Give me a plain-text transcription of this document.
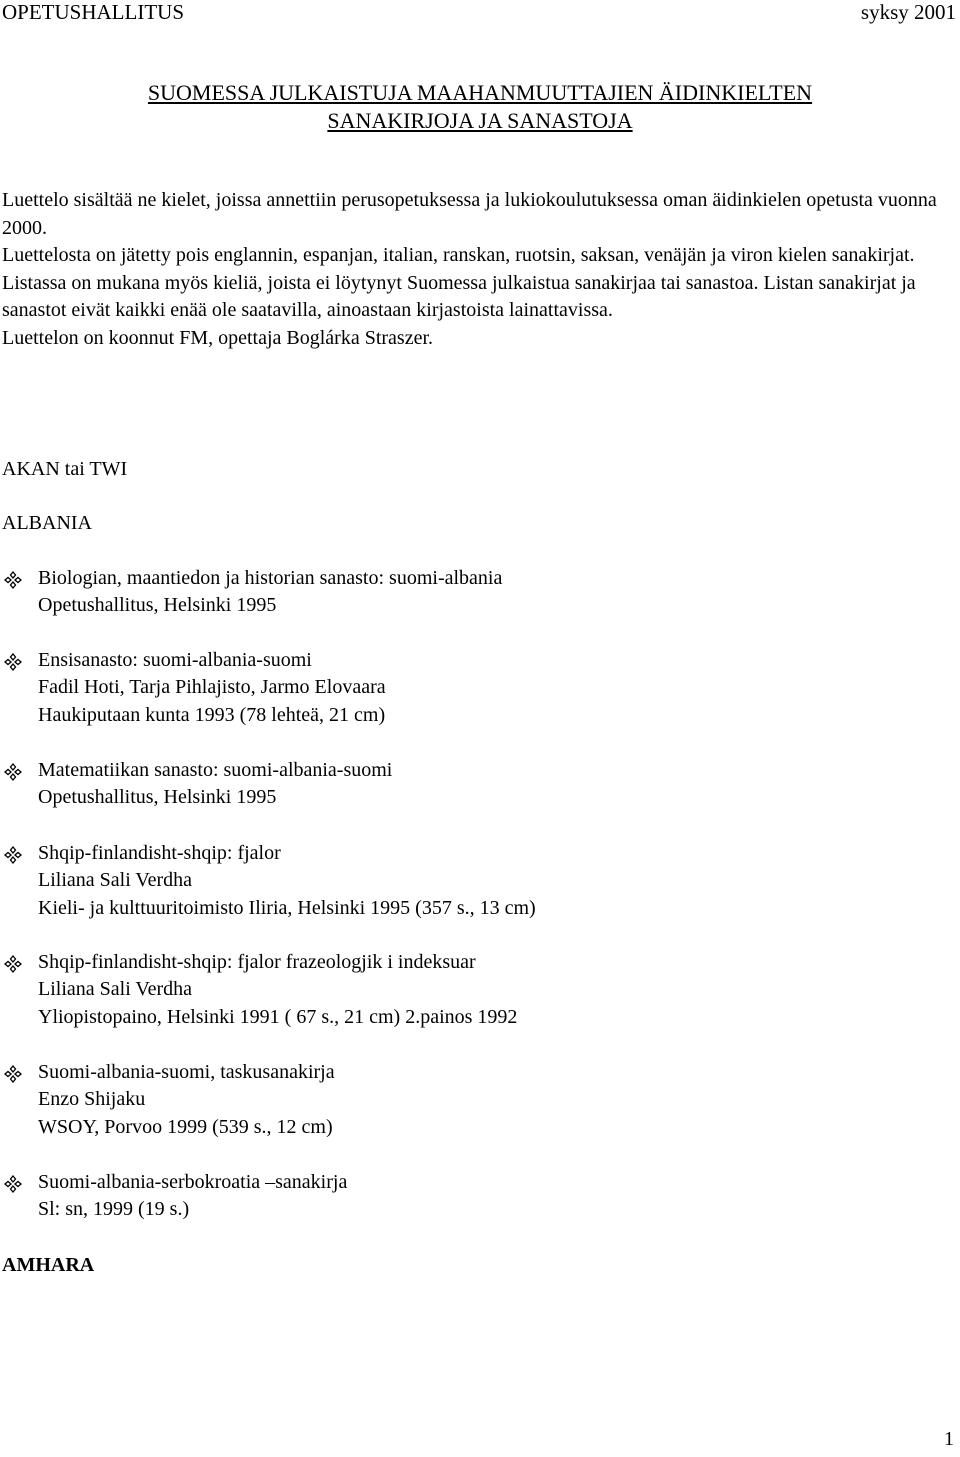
OPETUSHALLITUS	syksy 2001
SUOMESSA JULKAISTUJA MAAHANMUUTTAJIEN ÄIDINKIELTEN
SANAKIRJOJA JA SANASTOJA

Luettelo sisältää ne kielet, joissa annettiin perusopetuksessa ja lukiokoulutuksessa oman äidinkielen opetusta vuonna 2000.

Luettelosta on jätetty pois englannin, espanjan, italian, ranskan, ruotsin, saksan, venäjän ja viron kielen sanakirjat. Listassa on mukana myös kieliä, joista ei löytynyt Suomessa julkaistua sanakirjaa tai sanastoa. Listan sanakirjat ja sanastot eivät kaikki enää ole saatavilla, ainoastaan kirjastoista lainattavissa.

Luettelon on koonnut FM, opettaja Boglárka Straszer.

AKAN tai TWI
ALBANIA
Biologian, maantiedon ja historian sanasto: suomi-albania
Opetushallitus, Helsinki 1995
Ensisanasto: suomi-albania-suomi
Fadil Hoti, Tarja Pihlajisto, Jarmo Elovaara
Haukiputaan kunta 1993 (78 lehteä, 21 cm)
Matematiikan sanasto: suomi-albania-suomi
Opetushallitus, Helsinki 1995
Shqip-finlandisht-shqip: fjalor
Liliana Sali Verdha
Kieli- ja kulttuuritoimisto Iliria, Helsinki 1995 (357 s., 13 cm)
Shqip-finlandisht-shqip: fjalor frazeologjik i indeksuar
Liliana Sali Verdha
Yliopistopaino, Helsinki 1991 ( 67 s., 21 cm) 2.painos 1992
Suomi-albania-suomi, taskusanakirja
Enzo Shijaku
WSOY, Porvoo 1999 (539 s., 12 cm)
Suomi-albania-serbokroatia –sanakirja
Sl: sn, 1999 (19 s.)
AMHARA
1
